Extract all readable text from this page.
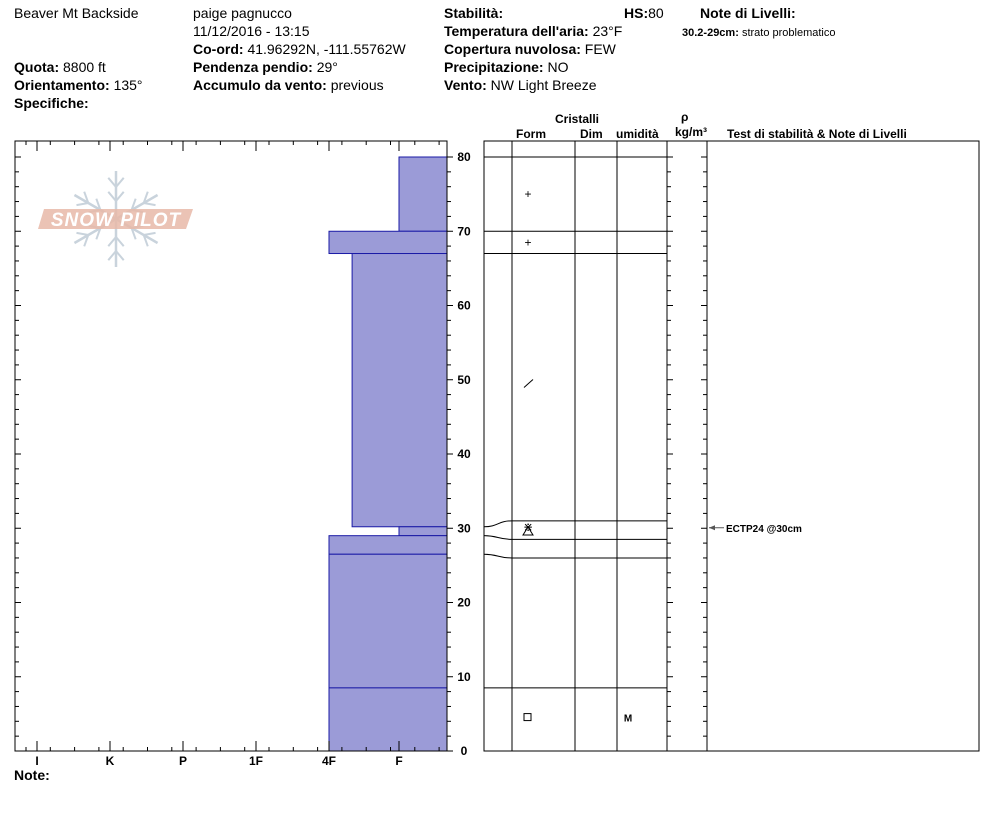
Beaver Mt Backside
Quota: 8800 ft
Orientamento: 135°
Specifiche:
paige pagnucco
11/12/2016 - 13:15
Co-ord: 41.96292N, -111.55762W
Pendenza pendio: 29°
Accumulo da vento: previous
Stabilità:	HS:80
Temperatura dell'aria: 23°F
Copertura nuvolosa: FEW
Precipitazione: NO
Vento: NW Light Breeze
Note di Livelli:
30.2-29cm: strato problematico
Note:
Cristalli
Form	Dim umidità
ρ
kg/m³ Test di stabilità & Note di Livelli
SNOW PILOT
0
10
20
30
40
50
60
70
80
I	K	P	1F	4F	F
+
+
⋇
M
ECTP24 @30cm
